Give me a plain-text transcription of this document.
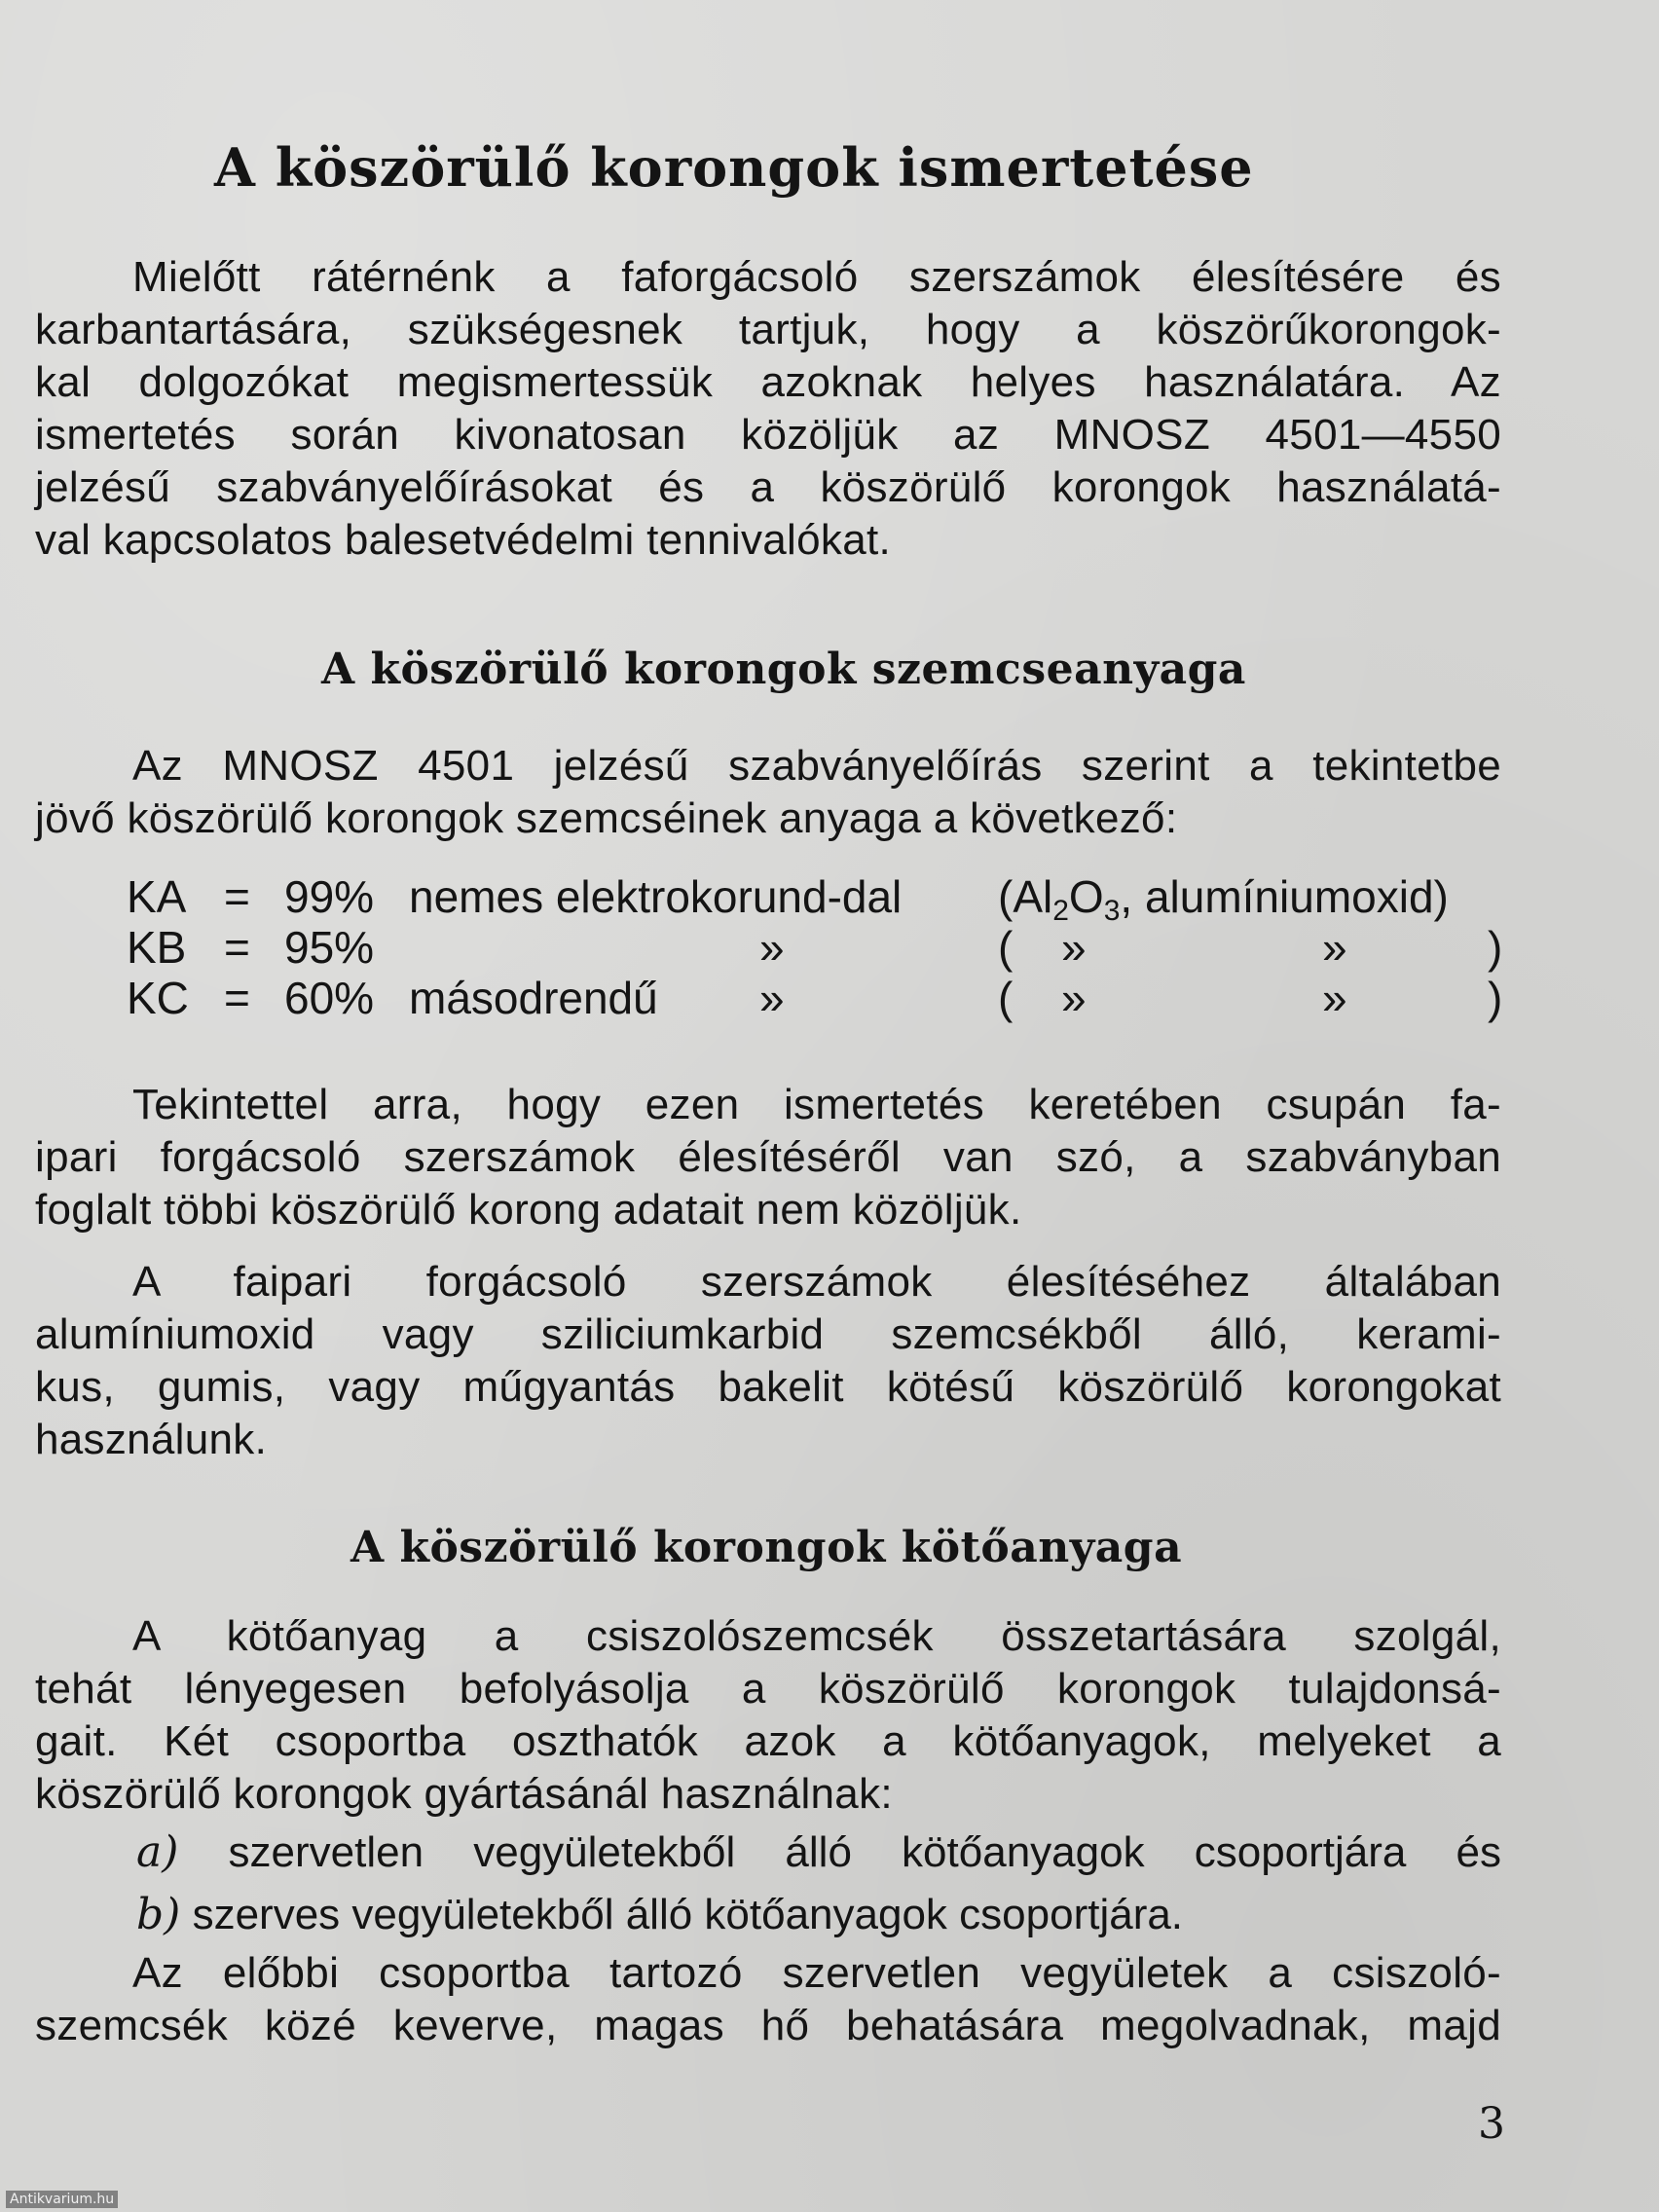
A köszörülő korongok ismertetése
Mielőtt rátérnénk a faforgácsoló szerszámok élesítésére és
karbantartására, szükségesnek tartjuk, hogy a köszörűkorongok-
kal dolgozókat megismertessük azoknak helyes használatára. Az
ismertetés során kivonatosan közöljük az MNOSZ 4501—4550
jelzésű szabványelőírásokat és a köszörülő korongok használatá-
val kapcsolatos balesetvédelmi tennivalókat.
A köszörülő korongok szemcseanyaga
Az MNOSZ 4501 jelzésű szabványelőírás szerint a tekintetbe
jövő köszörülő korongok szemcséinek anyaga a következő:
KA = 99% nemes elektrokorund-dal ($Al_2O_3$, alumíniumoxid)
KB = 95%	»	( »	»	)
KC = 60% másodrendű »	( »	»	)
Tekintettel arra, hogy ezen ismertetés keretében csupán fa-
ipari forgácsoló szerszámok élesítéséről van szó, a szabványban
foglalt többi köszörülő korong adatait nem közöljük.
A faipari forgácsoló szerszámok élesítéséhez általában
alumíniumoxid vagy sziliciumkarbid szemcsékből álló, kerami-
kus, gumis, vagy műgyantás bakelit kötésű köszörülő korongokat
használunk.
A köszörülő korongok kötőanyaga
A kötőanyag a csiszolószemcsék összetartására szolgál,
tehát lényegesen befolyásolja a köszörülő korongok tulajdonsá-
gait. Két csoportba oszthatók azok a kötőanyagok, melyeket a
köszörülő korongok gyártásánál használnak:
a) szervetlen vegyületekből álló kötőanyagok csoportjára és
b) szerves vegyületekből álló kötőanyagok csoportjára.
Az előbbi csoportba tartozó szervetlen vegyületek a csiszoló-
szemcsék közé keverve, magas hő behatására megolvadnak, majd
3
Antikvarium.hu
